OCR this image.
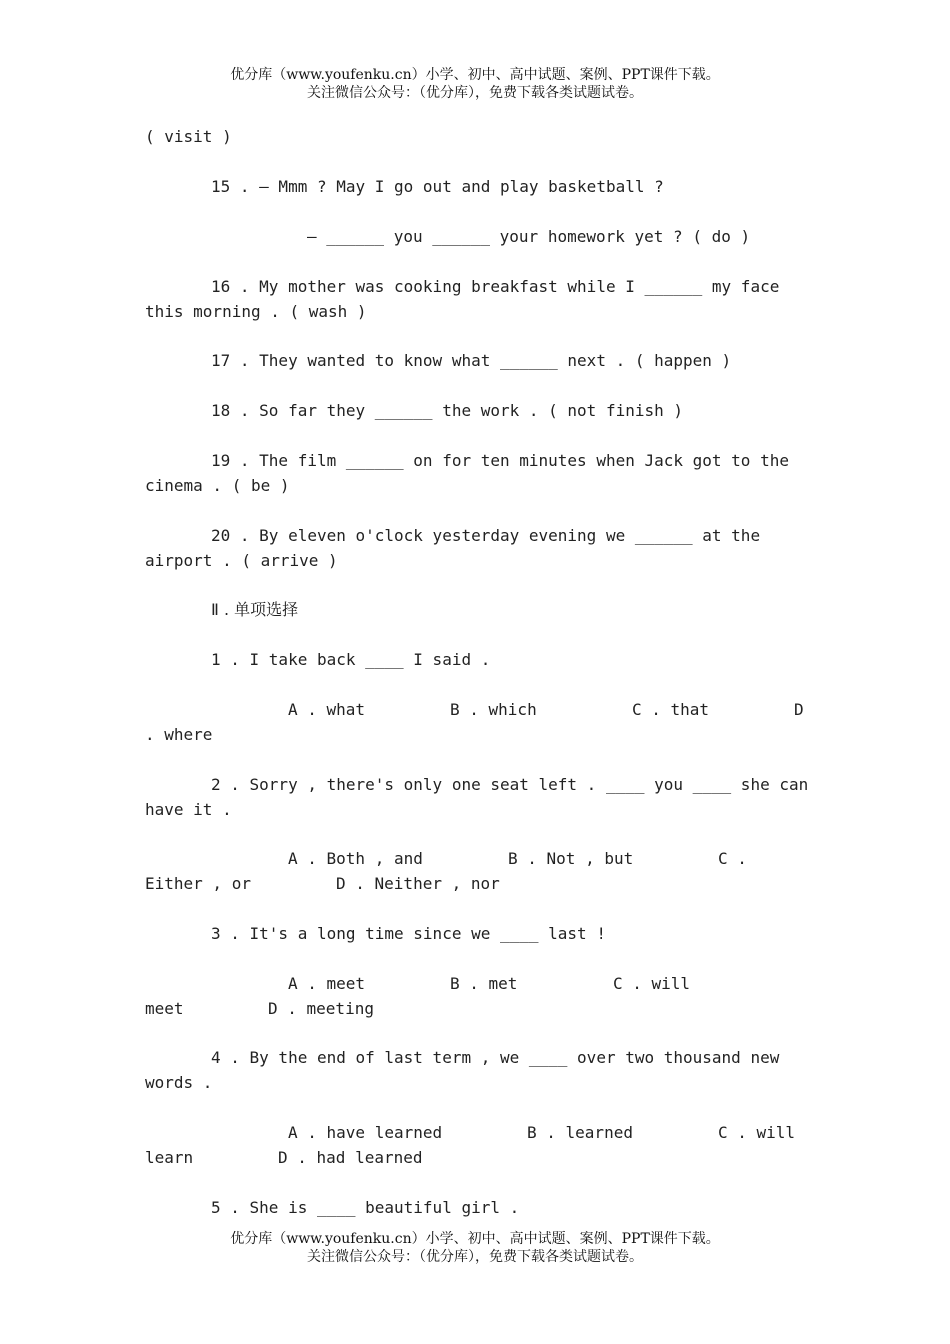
优分库（www.youfenku.cn）小学、初中、高中试题、案例、PPT课件下载。
关注微信公众号：（优分库），免费下载各类试题试卷。
( visit )
15 . — Mmm ? May I go out and play basketball ?
— ______ you ______ your homework yet ? ( do )
16 . My mother was cooking breakfast while I ______ my face
this morning . ( wash )
17 . They wanted to know what ______ next . ( happen )
18 . So far they ______ the work . ( not finish )
19 . The film ______ on for ten minutes when Jack got to the
cinema . ( be )
20 . By eleven o'clock yesterday evening we ______ at the
airport . ( arrive )
Ⅱ . 单项选择
1 . I take back ____ I said .
A . what	B . which	C . that	D
. where
2 . Sorry , there's only one seat left . ____ you ____ she can
have it .
A . Both , and	B . Not , but	C .
Either , or	D . Neither , nor
3 . It's a long time since we ____ last !
A . meet	B . met	C . will
meet	D . meeting
4 . By the end of last term , we ____ over two thousand new
words .
A . have learned	B . learned	C . will
learn	D . had learned
5 . She is ____ beautiful girl .
优分库（www.youfenku.cn）小学、初中、高中试题、案例、PPT课件下载。
关注微信公众号：（优分库），免费下载各类试题试卷。
